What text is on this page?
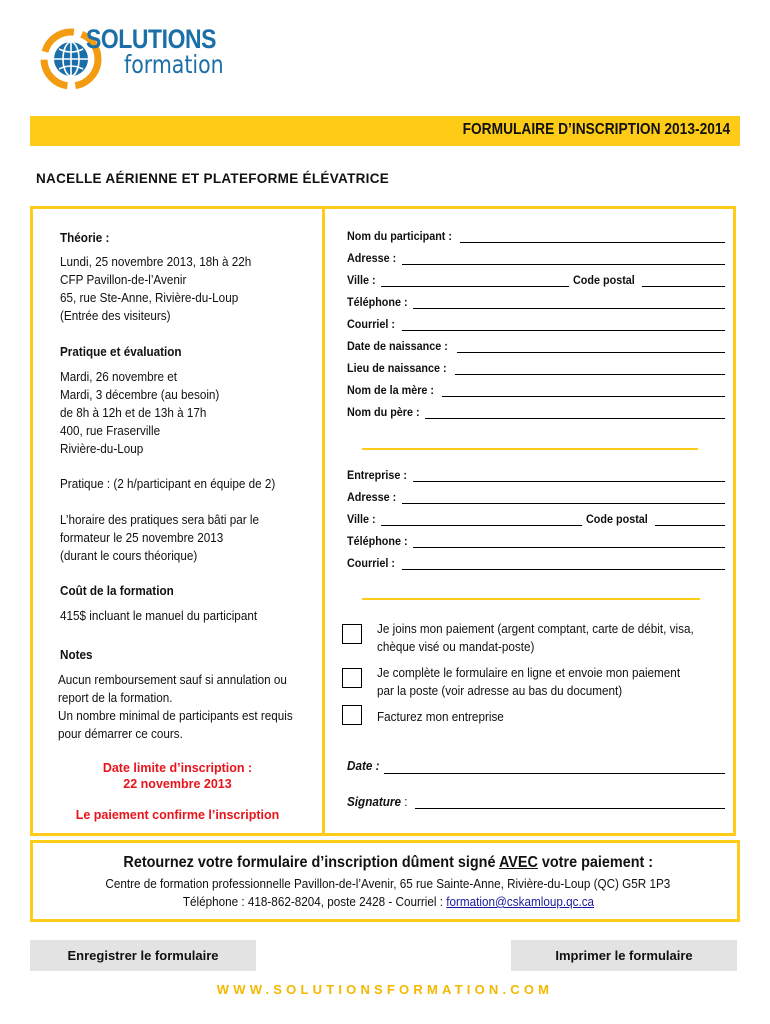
SOLUTIONS
formation
FORMULAIRE D’INSCRIPTION 2013-2014
NACELLE AÉRIENNE ET PLATEFORME ÉLÉVATRICE
Théorie :
Lundi, 25 novembre 2013, 18h à 22h
CFP Pavillon-de-l’Avenir
65, rue Ste-Anne, Rivière-du-Loup
(Entrée des visiteurs)
Pratique et évaluation
Mardi, 26 novembre et
Mardi, 3 décembre (au besoin)
de 8h à 12h et de 13h à 17h
400, rue Fraserville
Rivière-du-Loup
Pratique : (2 h/participant en équipe de 2)
L’horaire des pratiques sera bâti par le
formateur le 25 novembre 2013
(durant le cours théorique)
Coût de la formation
415$ incluant le manuel du participant
Notes
Aucun remboursement sauf si annulation ou
report de la formation.
Un nombre minimal de participants est requis
pour démarrer ce cours.
Date limite d’inscription :
22 novembre 2013
Le paiement confirme l’inscription
Nom du participant :
Adresse :
Ville :	Code postal
Téléphone :
Courriel :
Date de naissance :
Lieu de naissance :
Nom de la mère :
Nom du père :
Entreprise :
Adresse :
Ville :	Code postal
Téléphone :
Courriel :
Je joins mon paiement (argent comptant, carte de débit, visa,
chèque visé ou mandat-poste)
Je complète le formulaire en ligne et envoie mon paiement
par la poste (voir adresse au bas du document)
Facturez mon entreprise
Date :
Signature :
Retournez votre formulaire d’inscription dûment signé AVEC votre paiement :
Centre de formation professionnelle Pavillon-de-l’Avenir, 65 rue Sainte-Anne, Rivière-du-Loup (QC) G5R 1P3
Téléphone : 418-862-8204, poste 2428 - Courriel : formation@cskamloup.qc.ca
Enregistrer le formulaire	Imprimer le formulaire
WWW.SOLUTIONSFORMATION.COM
